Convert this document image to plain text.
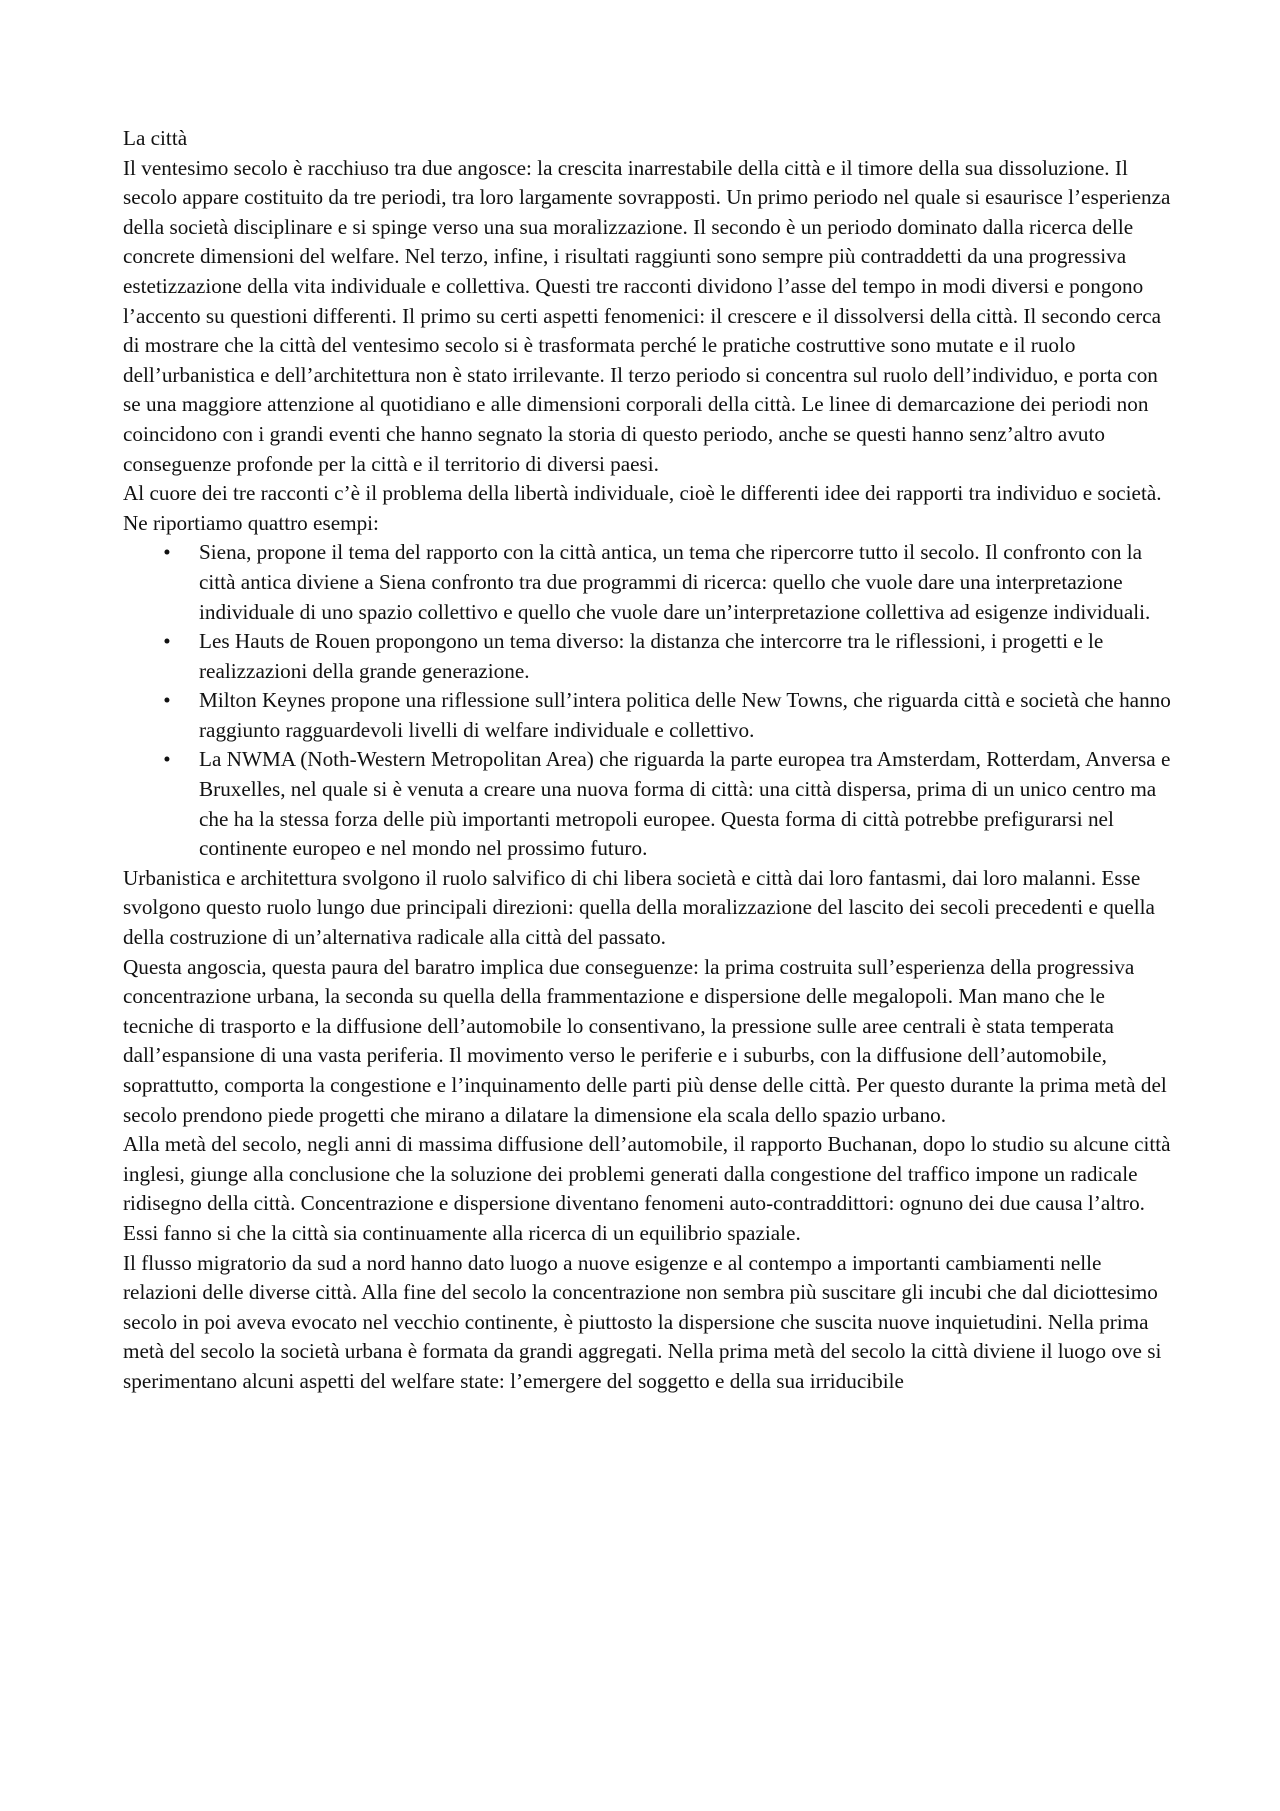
La città

Il ventesimo secolo è racchiuso tra due angosce: la crescita inarrestabile della città e il timore della sua dissoluzione. Il secolo appare costituito da tre periodi, tra loro largamente sovrapposti. Un primo periodo nel quale si esaurisce l’esperienza della società disciplinare e si spinge verso una sua moralizzazione. Il secondo è un periodo dominato dalla ricerca delle concrete dimensioni del welfare. Nel terzo, infine, i risultati raggiunti sono sempre più contraddetti da una progressiva estetizzazione della vita individuale e collettiva. Questi tre racconti dividono l’asse del tempo in modi diversi e pongono l’accento su questioni differenti. Il primo su certi aspetti fenomenici: il crescere e il dissolversi della città. Il secondo cerca di mostrare che la città del ventesimo secolo si è trasformata perché le pratiche costruttive sono mutate e il ruolo dell’urbanistica e dell’architettura non è stato irrilevante. Il terzo periodo si concentra sul ruolo dell’individuo, e porta con se una maggiore attenzione al quotidiano e alle dimensioni corporali della città. Le linee di demarcazione dei periodi non coincidono con i grandi eventi che hanno segnato la storia di questo periodo, anche se questi hanno senz’altro avuto conseguenze profonde per la città e il territorio di diversi paesi.

Al cuore dei tre racconti c’è il problema della libertà individuale, cioè le differenti idee dei rapporti tra individuo e società. Ne riportiamo quattro esempi:

• Siena, propone il tema del rapporto con la città antica, un tema che ripercorre tutto il secolo. Il confronto con la città antica diviene a Siena confronto tra due programmi di ricerca: quello che vuole dare una interpretazione individuale di uno spazio collettivo e quello che vuole dare un’interpretazione collettiva ad esigenze individuali.
• Les Hauts de Rouen propongono un tema diverso: la distanza che intercorre tra le riflessioni, i progetti e le realizzazioni della grande generazione.
• Milton Keynes propone una riflessione sull’intera politica delle New Towns, che riguarda città e società che hanno raggiunto ragguardevoli livelli di welfare individuale e collettivo.
• La NWMA (Noth-Western Metropolitan Area) che riguarda la parte europea tra Amsterdam, Rotterdam, Anversa e Bruxelles, nel quale si è venuta a creare una nuova forma di città: una città dispersa, prima di un unico centro ma che ha la stessa forza delle più importanti metropoli europee. Questa forma di città potrebbe prefigurarsi nel continente europeo e nel mondo nel prossimo futuro.

Urbanistica e architettura svolgono il ruolo salvifico di chi libera società e città dai loro fantasmi, dai loro malanni. Esse svolgono questo ruolo lungo due principali direzioni: quella della moralizzazione del lascito dei secoli precedenti e quella della costruzione di un’alternativa radicale alla città del passato.

Questa angoscia, questa paura del baratro implica due conseguenze: la prima costruita sull’esperienza della progressiva concentrazione urbana, la seconda su quella della frammentazione e dispersione delle megalopoli. Man mano che le tecniche di trasporto e la diffusione dell’automobile lo consentivano, la pressione sulle aree centrali è stata temperata dall’espansione di una vasta periferia. Il movimento verso le periferie e i suburbs, con la diffusione dell’automobile, soprattutto, comporta la congestione e l’inquinamento delle parti più dense delle città. Per questo durante la prima metà del secolo prendono piede progetti che mirano a dilatare la dimensione ela scala dello spazio urbano.

Alla metà del secolo, negli anni di massima diffusione dell’automobile, il rapporto Buchanan, dopo lo studio su alcune città inglesi, giunge alla conclusione che la soluzione dei problemi generati dalla congestione del traffico impone un radicale ridisegno della città. Concentrazione e dispersione diventano fenomeni auto-contraddittori: ognuno dei due causa l’altro. Essi fanno si che la città sia continuamente alla ricerca di un equilibrio spaziale.

Il flusso migratorio da sud a nord hanno dato luogo a nuove esigenze e al contempo a importanti cambiamenti nelle relazioni delle diverse città. Alla fine del secolo la concentrazione non sembra più suscitare gli incubi che dal diciottesimo secolo in poi aveva evocato nel vecchio continente, è piuttosto la dispersione che suscita nuove inquietudini. Nella prima metà del secolo la società urbana è formata da grandi aggregati. Nella prima metà del secolo la città diviene il luogo ove si sperimentano alcuni aspetti del welfare state: l’emergere del soggetto e della sua irriducibile
